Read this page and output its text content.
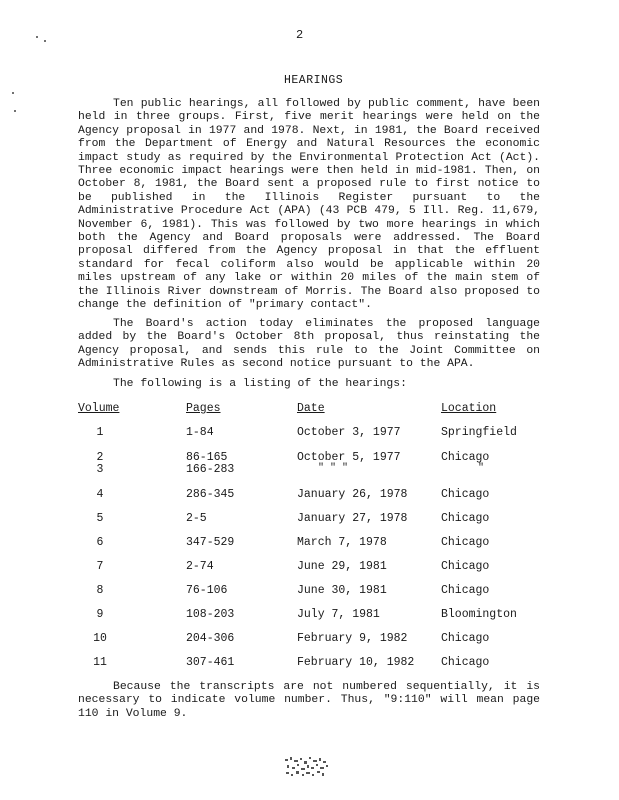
2
HEARINGS

Ten public hearings, all followed by public comment, have been held in three groups. First, five merit hearings were held on the Agency proposal in 1977 and 1978. Next, in 1981, the Board received from the Department of Energy and Natural Resources the economic impact study as required by the Environmental Protection Act (Act). Three economic impact hearings were then held in mid-1981. Then, on October 8, 1981, the Board sent a proposed rule to first notice to be published in the Illinois Register pursuant to the Administrative Procedure Act (APA) (43 PCB 479, 5 Ill. Reg. 11,679, November 6, 1981). This was followed by two more hearings in which both the Agency and Board proposals were addressed. The Board proposal differed from the Agency proposal in that the effluent standard for fecal coliform also would be applicable within 20 miles upstream of any lake or within 20 miles of the main stem of the Illinois River downstream of Morris. The Board also proposed to change the definition of "primary contact".

The Board's action today eliminates the proposed language added by the Board's October 8th proposal, thus reinstating the Agency proposal, and sends this rule to the Joint Committee on Administrative Rules as second notice pursuant to the APA.

The following is a listing of the hearings:

Volume	Pages	Date	Location
1	1-84	October 3, 1977	Springfield
2	86-165	October 5, 1977	Chicago
3	166-283	" " "	"
4	286-345	January 26, 1978	Chicago
5	2-5	January 27, 1978	Chicago
6	347-529	March 7, 1978	Chicago
7	2-74	June 29, 1981	Chicago
8	76-106	June 30, 1981	Chicago
9	108-203	July 7, 1981	Bloomington
10	204-306	February 9, 1982	Chicago
11	307-461	February 10, 1982 Chicago

Because the transcripts are not numbered sequentially, it is necessary to indicate volume number. Thus, "9:110" will mean page 110 in Volume 9.
